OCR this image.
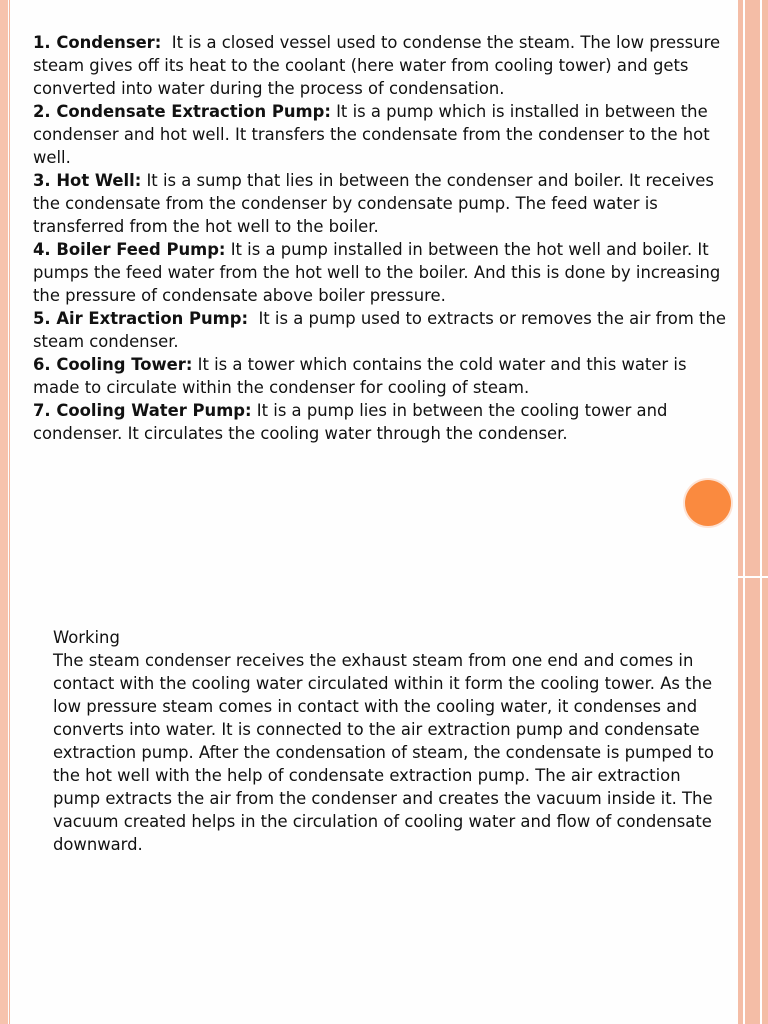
1. Condenser:  It is a closed vessel used to condense the steam. The low pressure steam gives off its heat to the coolant (here water from cooling tower) and gets converted into water during the process of condensation.

2. Condensate Extraction Pump: It is a pump which is installed in between the condenser and hot well. It transfers the condensate from the condenser to the hot well.

3. Hot Well: It is a sump that lies in between the condenser and boiler. It receives the condensate from the condenser by condensate pump. The feed water is transferred from the hot well to the boiler.

4. Boiler Feed Pump: It is a pump installed in between the hot well and boiler. It pumps the feed water from the hot well to the boiler. And this is done by increasing the pressure of condensate above boiler pressure.

5. Air Extraction Pump:  It is a pump used to extracts or removes the air from the steam condenser.

6. Cooling Tower: It is a tower which contains the cold water and this water is made to circulate within the condenser for cooling of steam.

7. Cooling Water Pump: It is a pump lies in between the cooling tower and condenser. It circulates the cooling water through the condenser.

Working

The steam condenser receives the exhaust steam from one end and comes in contact with the cooling water circulated within it form the cooling tower. As the low pressure steam comes in contact with the cooling water, it condenses and converts into water. It is connected to the air extraction pump and condensate extraction pump. After the condensation of steam, the condensate is pumped to the hot well with the help of condensate extraction pump. The air extraction pump extracts the air from the condenser and creates the vacuum inside it. The vacuum created helps in the circulation of cooling water and flow of condensate downward.
